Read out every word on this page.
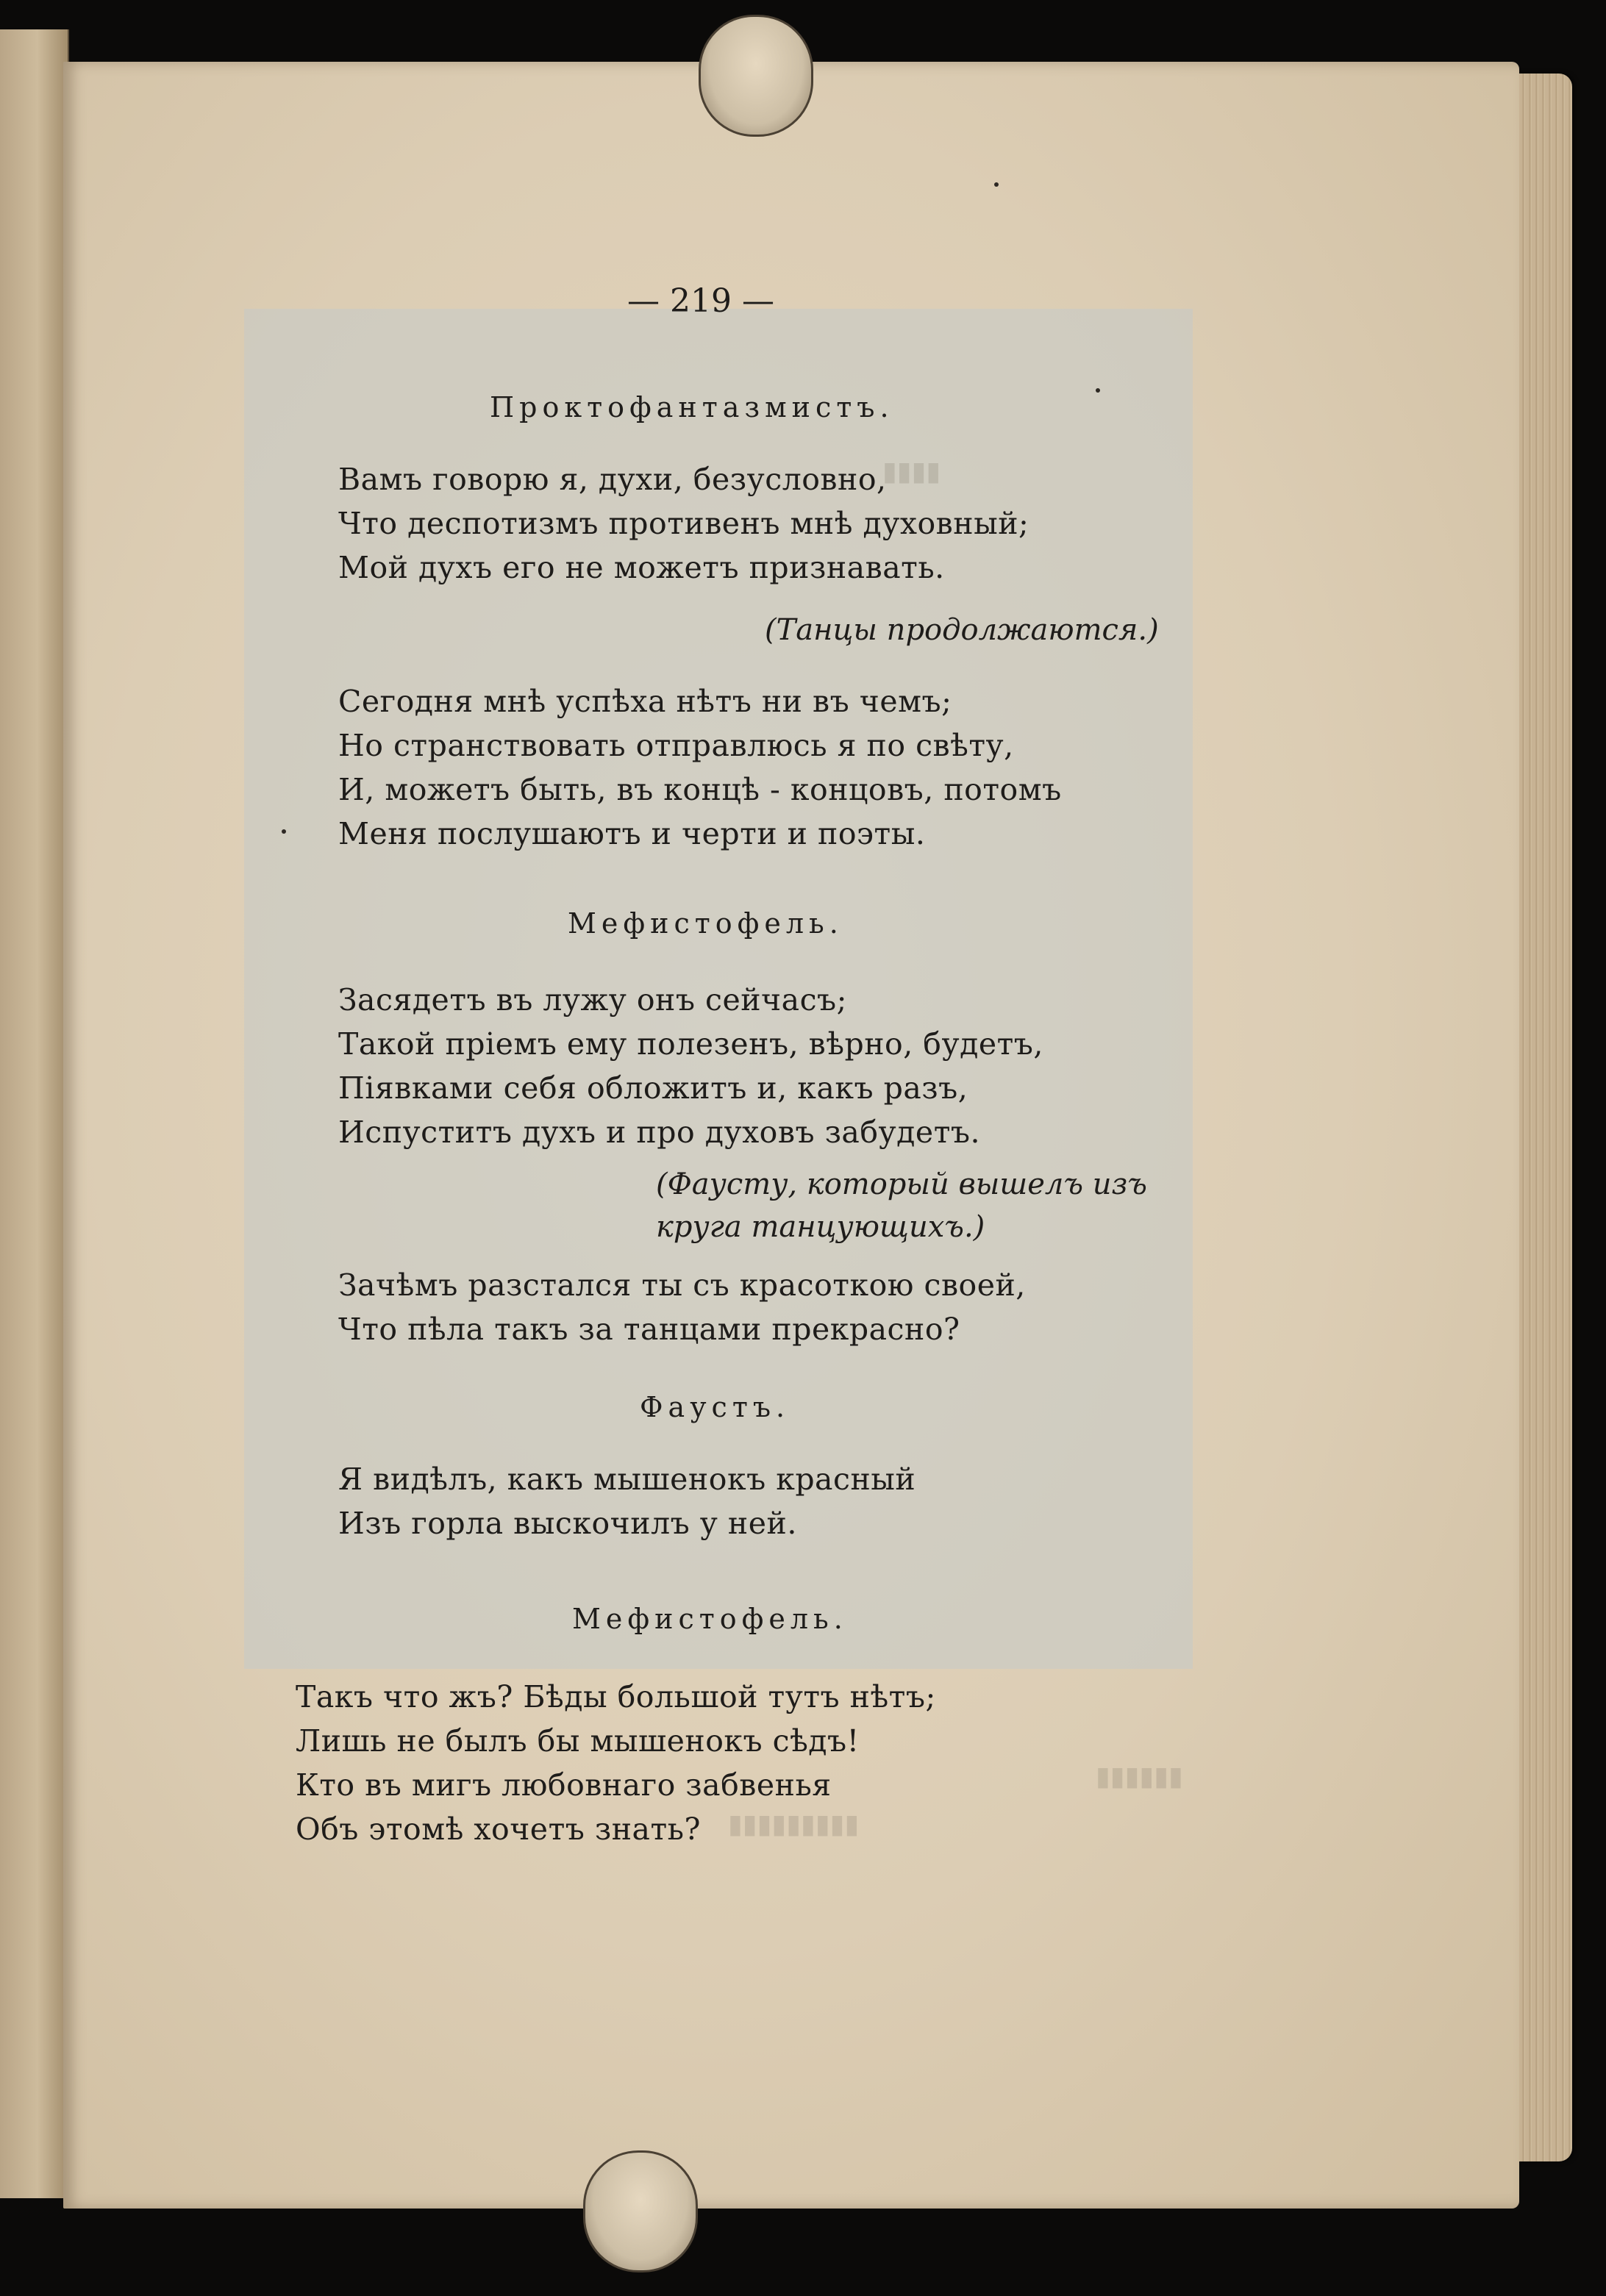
▮▮▮▮
▮▮▮▮▮▮
▮▮▮▮▮▮▮▮▮
— 219 —
Проктофантазмистъ.
Вамъ говорю я, духи, безусловно,
Что деспотизмъ противенъ мнѣ духовный;
Мой духъ его не можетъ признавать.
(Танцы продолжаются.)
Сегодня мнѣ успѣха нѣтъ ни въ чемъ;
Но странствовать отправлюсь я по свѣту,
И, можетъ быть, въ концѣ - концовъ, потомъ
Меня послушаютъ и черти и поэты.
Мефистофель.
Засядетъ въ лужу онъ сейчасъ;
Такой пріемъ ему полезенъ, вѣрно, будетъ,
Піявками себя обложитъ и, какъ разъ,
Испуститъ духъ и про духовъ забудетъ.
(Фаусту, который вышелъ изъ
круга танцующихъ.)
Зачѣмъ разстался ты съ красоткою своей,
Что пѣла такъ за танцами прекрасно?
Фаустъ.
Я видѣлъ, какъ мышенокъ красный
Изъ горла выскочилъ у ней.
Мефистофель.
Такъ что жъ? Бѣды большой тутъ нѣтъ;
Лишь не былъ бы мышенокъ сѣдъ!
Кто въ мигъ любовнаго забвенья
Объ этомѣ хочетъ знать?
